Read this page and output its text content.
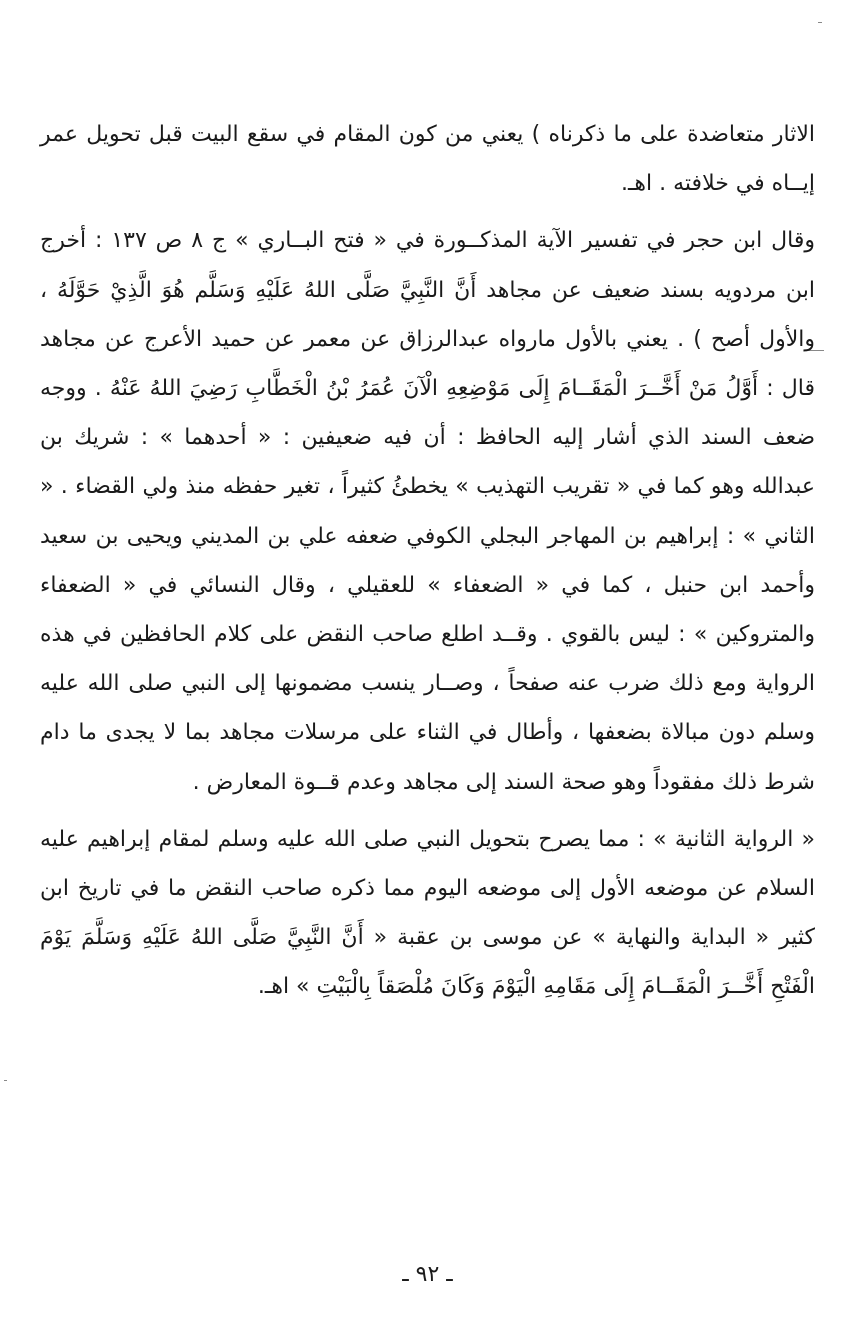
الاثار متعاضدة على ما ذكرناه ) يعني من كون المقام في سقع البيت قبل تحويل عمر إيــاه في خلافته . اهـ.

وقال ابن حجر في تفسير الآية المذكــورة في « فتح البــاري » ج ٨ ص ١٣٧ : أخرج ابن مردويه بسند ضعيف عن مجاهد أَنَّ النَّبِيَّ صَلَّى اللهُ عَلَيْهِ وَسَلَّم هُوَ الَّذِيْ حَوَّلَهُ ، والأول أصح ) . يعني بالأول مارواه عبدالرزاق عن معمر عن حميد الأعرج عن مجاهد قال : أَوَّلُ مَنْ أَخَّــرَ الْمَقَــامَ إِلَى مَوْضِعِهِ الْآنَ عُمَرُ بْنُ الْخَطَّابِ رَضِيَ اللهُ عَنْهُ . ووجه ضعف السند الذي أشار إليه الحافظ : أن فيه ضعيفين : « أحدهما » : شريك بن عبدالله وهو كما في « تقريب التهذيب » يخطئُ كثيراً ، تغير حفظه منذ ولي القضاء . « الثاني » : إبراهيم بن المهاجر البجلي الكوفي ضعفه علي بن المديني ويحيى بن سعيد وأحمد ابن حنبل ، كما في « الضعفاء » للعقيلي ، وقال النسائي في « الضعفاء والمتروكين » : ليس بالقوي . وقــد اطلع صاحب النقض على كلام الحافظين في هذه الرواية ومع ذلك ضرب عنه صفحاً ، وصــار ينسب مضمونها إلى النبي صلى الله عليه وسلم دون مبالاة بضعفها ، وأطال في الثناء على مرسلات مجاهد بما لا يجدى ما دام شرط ذلك مفقوداً وهو صحة السند إلى مجاهد وعدم قــوة المعارض .

« الرواية الثانية » : مما يصرح بتحويل النبي صلى الله عليه وسلم لمقام إبراهيم عليه السلام عن موضعه الأول إلى موضعه اليوم مما ذكره صاحب النقض ما في تاريخ ابن كثير « البداية والنهاية » عن موسى بن عقبة « أَنَّ النَّبِيَّ صَلَّى اللهُ عَلَيْهِ وَسَلَّمَ يَوْمَ الْفَتْحِ أَخَّــرَ الْمَقَــامَ إِلَى مَقَامِهِ الْيَوْمَ وَكَانَ مُلْصَقاً بِالْبَيْتِ » اهـ.

ـ ٩٢ ـ
